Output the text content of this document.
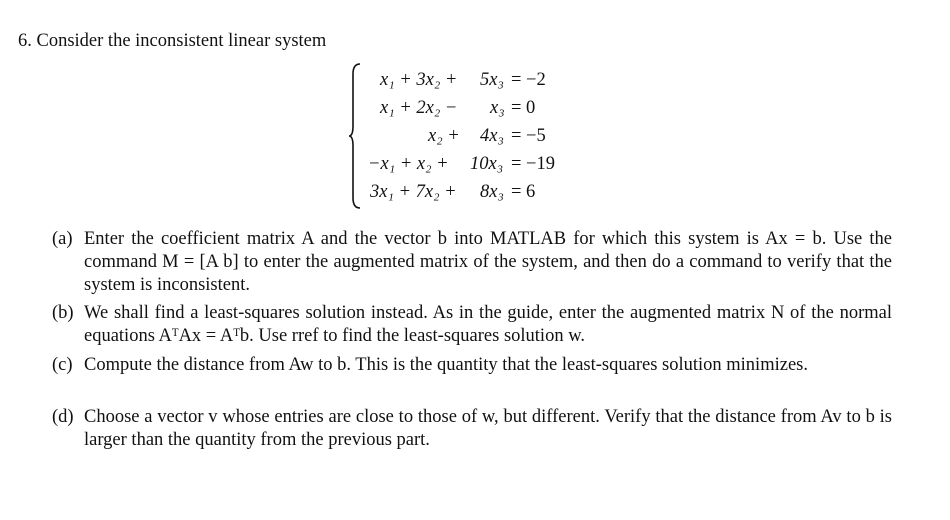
6. Consider the inconsistent linear system
x₁ + 3x₂ + 5x₃ = −2
x₁ + 2x₂ − x₃ = 0
x₂ + 4x₃ = −5
−x₁ + x₂ + 10x₃ = −19
3x₁ + 7x₂ + 8x₃ = 6
(a) Enter the coefficient matrix A and the vector b into MATLAB for which this system is Ax = b. Use the command M = [A b] to enter the augmented matrix of the system, and then do a command to verify that the system is inconsistent.
(b) We shall find a least-squares solution instead. As in the guide, enter the augmented matrix N of the normal equations AᵀAx = Aᵀb. Use rref to find the least-squares solution w.
(c) Compute the distance from Aw to b. This is the quantity that the least-squares solution minimizes.
(d) Choose a vector v whose entries are close to those of w, but different. Verify that the distance from Av to b is larger than the quantity from the previous part.
